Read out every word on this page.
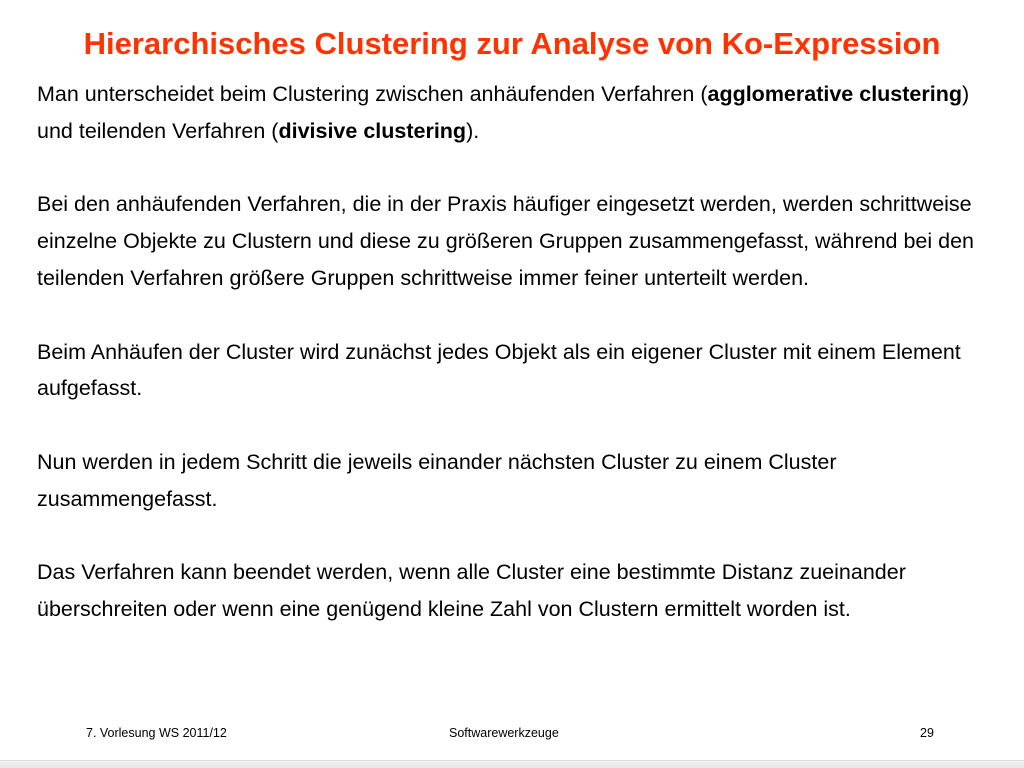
Hierarchisches Clustering zur Analyse von Ko-Expression

Man unterscheidet beim Clustering zwischen anhäufenden Verfahren (agglomerative clustering) und teilenden Verfahren (divisive clustering).

Bei den anhäufenden Verfahren, die in der Praxis häufiger eingesetzt werden, werden schrittweise einzelne Objekte zu Clustern und diese zu größeren Gruppen zusammengefasst, während bei den teilenden Verfahren größere Gruppen schrittweise immer feiner unterteilt werden.

Beim Anhäufen der Cluster wird zunächst jedes Objekt als ein eigener Cluster mit einem Element aufgefasst.

Nun werden in jedem Schritt die jeweils einander nächsten Cluster zu einem Cluster zusammengefasst.

Das Verfahren kann beendet werden, wenn alle Cluster eine bestimmte Distanz zueinander überschreiten oder wenn eine genügend kleine Zahl von Clustern ermittelt worden ist.

7. Vorlesung WS 2011/12	Softwarewerkzeuge	29
